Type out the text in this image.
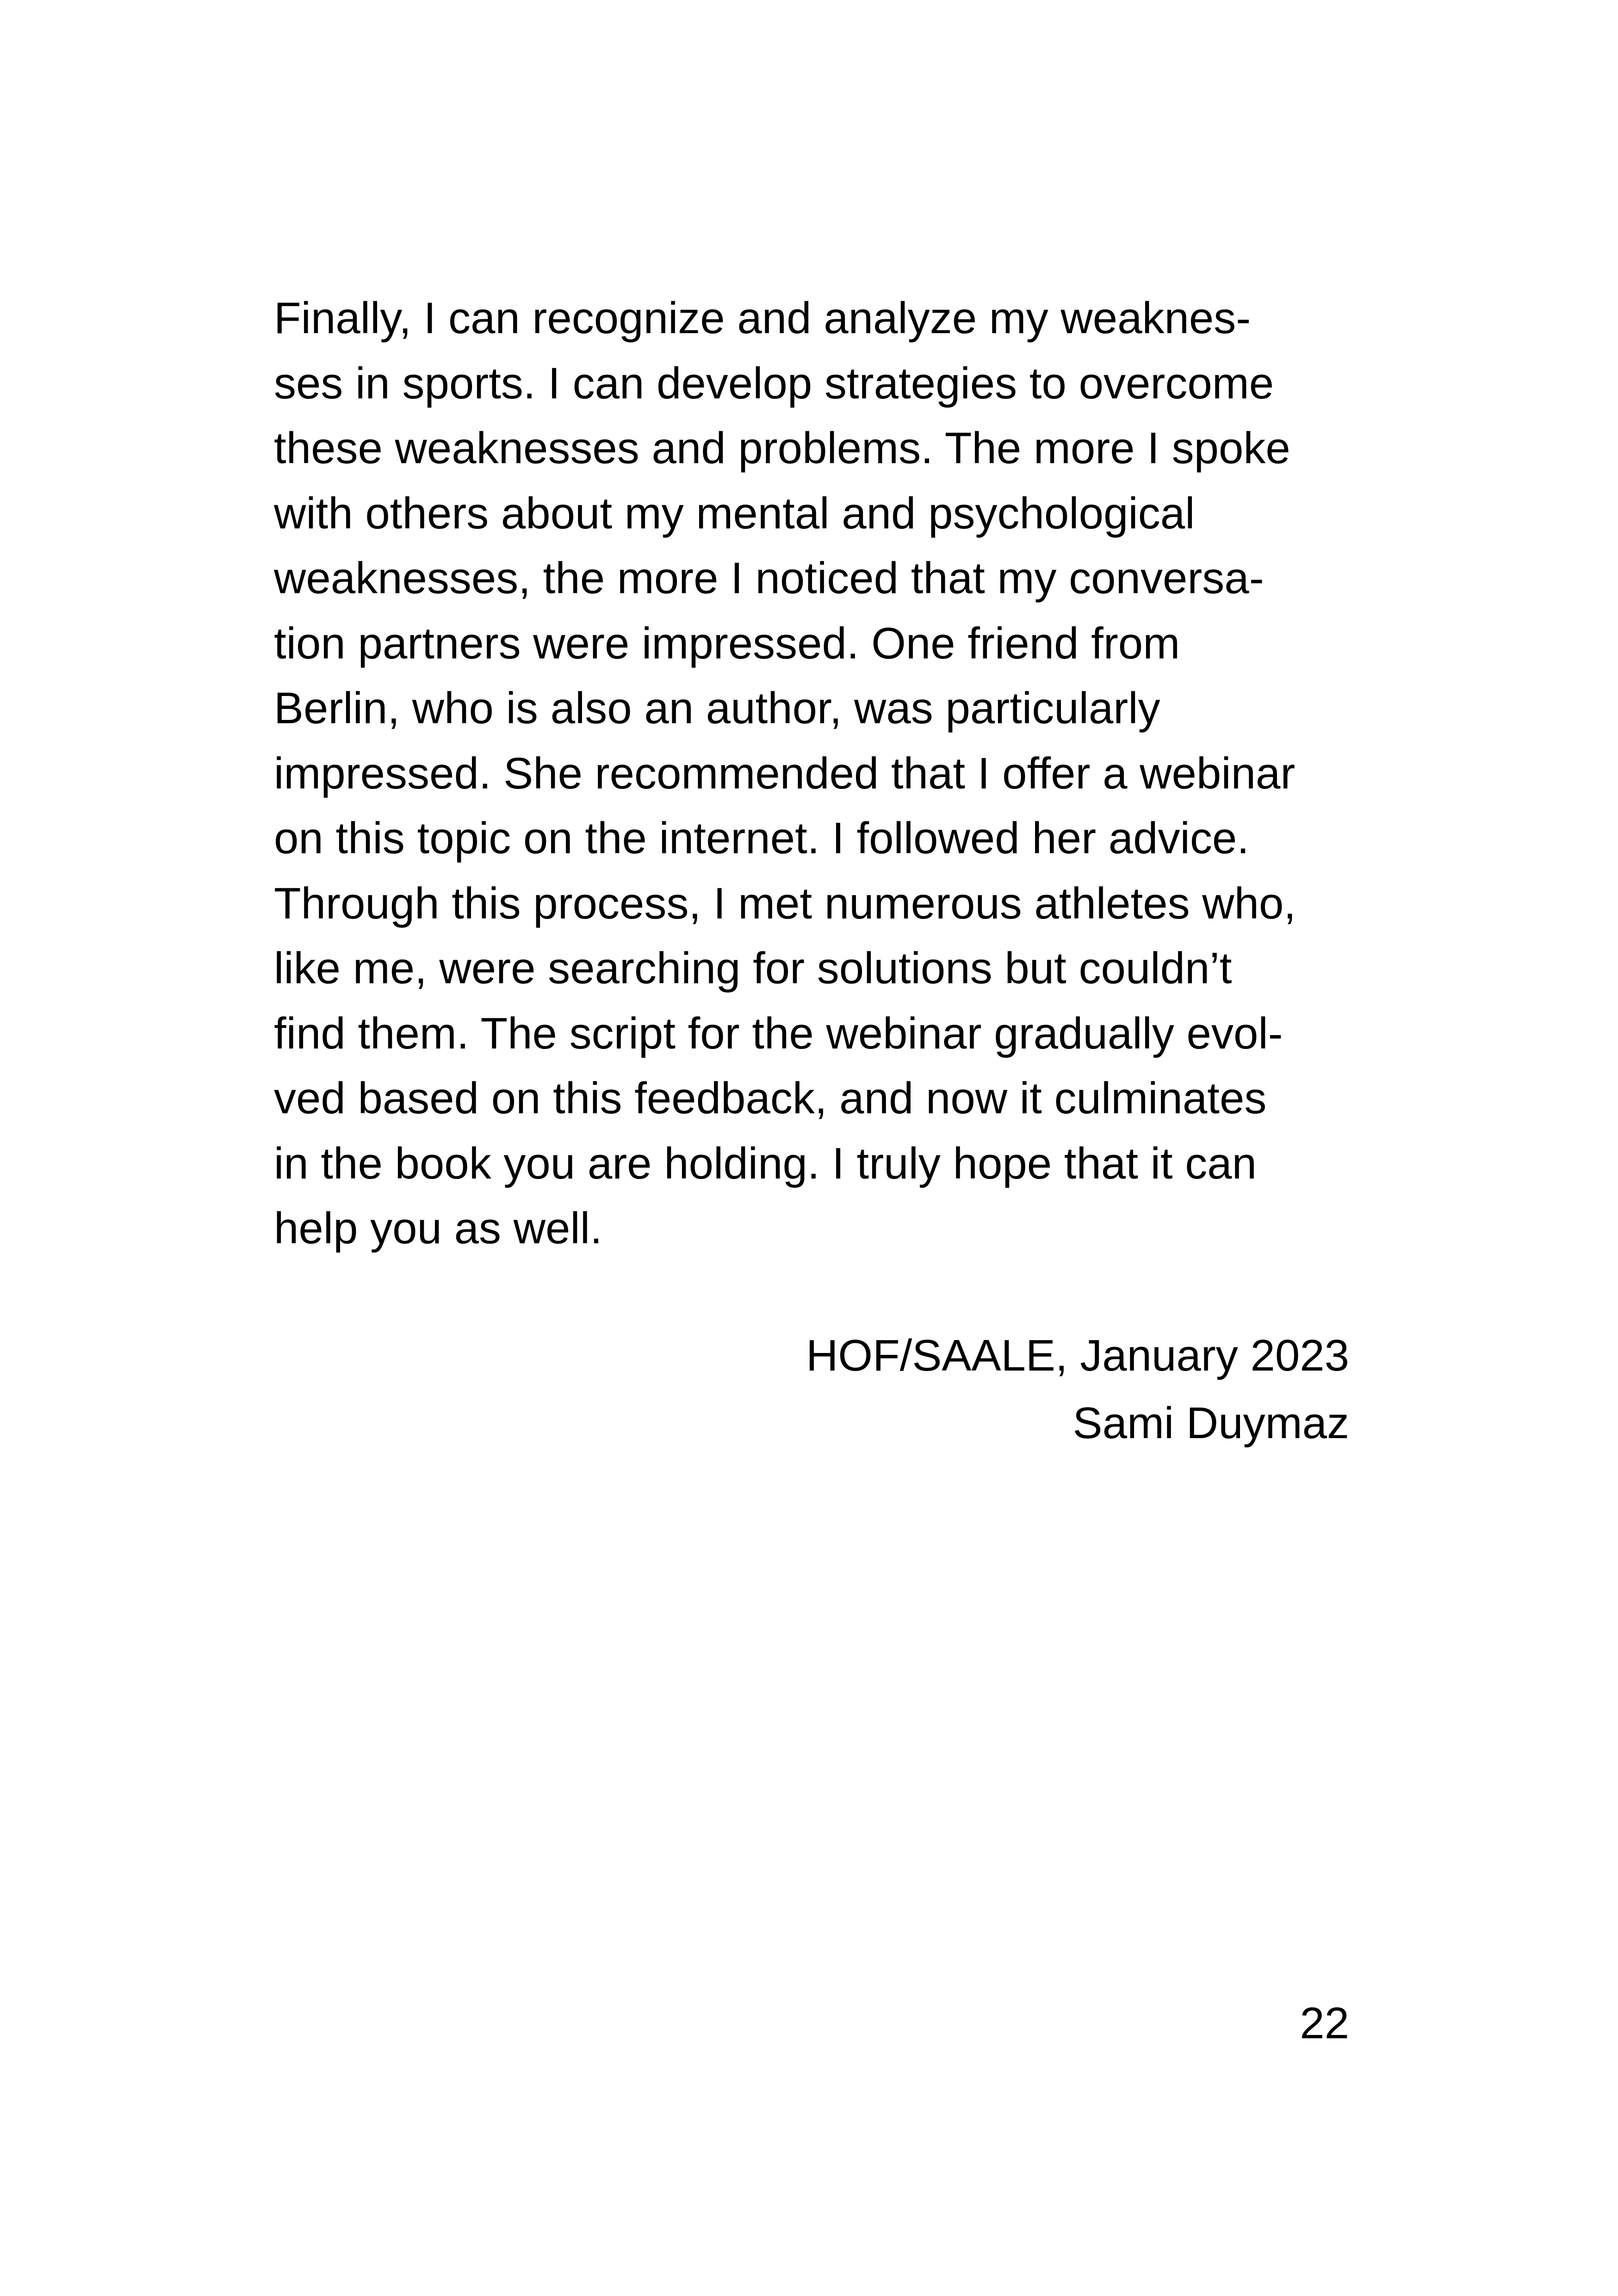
Finally, I can recognize and analyze my weaknes-
ses in sports. I can develop strategies to overcome
these weaknesses and problems. The more I spoke
with others about my mental and psychological
weaknesses, the more I noticed that my conversa-
tion partners were impressed. One friend from
Berlin, who is also an author, was particularly
impressed. She recommended that I offer a webinar
on this topic on the internet. I followed her advice.
Through this process, I met numerous athletes who,
like me, were searching for solutions but couldn’t
find them. The script for the webinar gradually evol-
ved based on this feedback, and now it culminates
in the book you are holding. I truly hope that it can
help you as well.

HOF/SAALE, January 2023
Sami Duymaz
22
